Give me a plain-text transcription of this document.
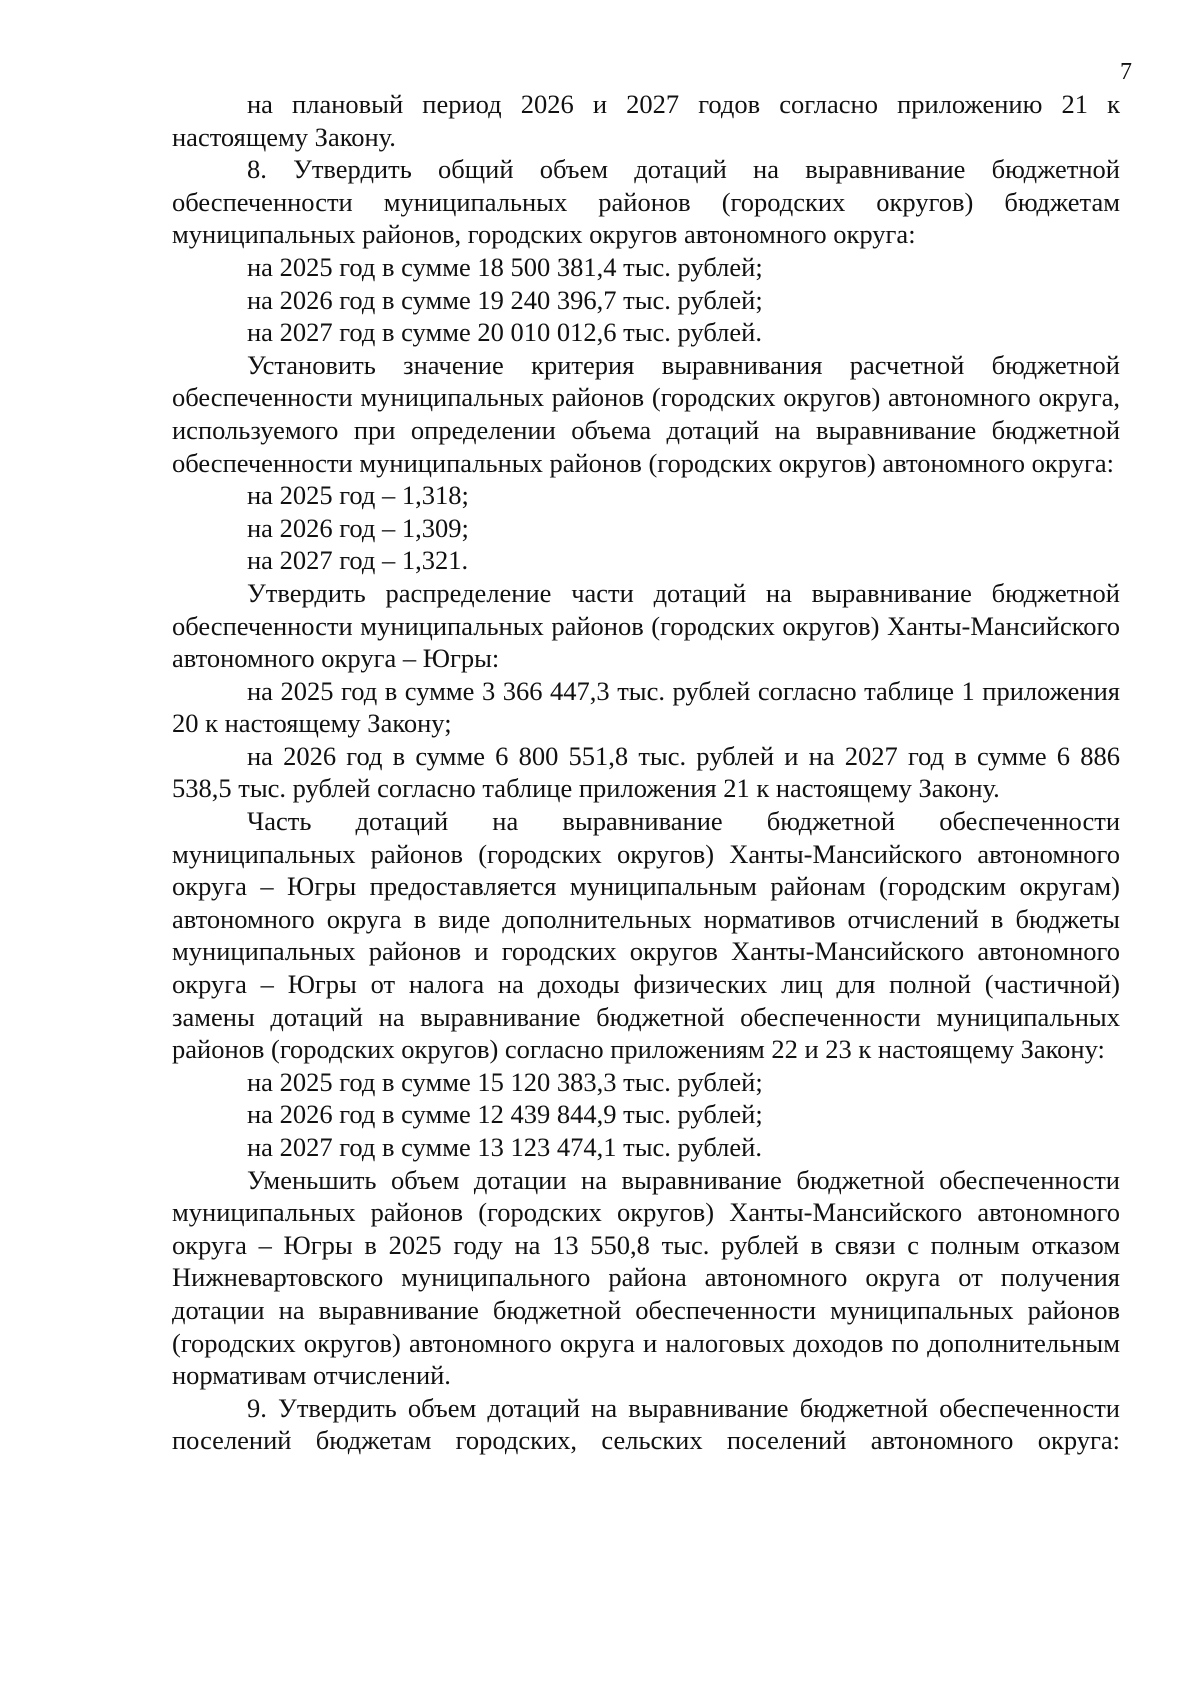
7

на плановый период 2026 и 2027 годов согласно приложению 21 к настоящему Закону.

8. Утвердить общий объем дотаций на выравнивание бюджетной обеспеченности муниципальных районов (городских округов) бюджетам муниципальных районов, городских округов автономного округа:

на 2025 год в сумме 18 500 381,4 тыс. рублей;

на 2026 год в сумме 19 240 396,7 тыс. рублей;

на 2027 год в сумме 20 010 012,6 тыс. рублей.

Установить значение критерия выравнивания расчетной бюджетной обеспеченности муниципальных районов (городских округов) автономного округа, используемого при определении объема дотаций на выравнивание бюджетной обеспеченности муниципальных районов (городских округов) автономного округа:

на 2025 год – 1,318;

на 2026 год – 1,309;

на 2027 год – 1,321.

Утвердить распределение части дотаций на выравнивание бюджетной обеспеченности муниципальных районов (городских округов) Ханты-Мансийского автономного округа – Югры:

на 2025 год в сумме 3 366 447,3 тыс. рублей согласно таблице 1 приложения 20 к настоящему Закону;

на 2026 год в сумме 6 800 551,8 тыс. рублей и на 2027 год в сумме 6 886 538,5 тыс. рублей согласно таблице приложения 21 к настоящему Закону.

Часть дотаций на выравнивание бюджетной обеспеченности муниципальных районов (городских округов) Ханты-Мансийского автономного округа – Югры предоставляется муниципальным районам (городским округам) автономного округа в виде дополнительных нормативов отчислений в бюджеты муниципальных районов и городских округов Ханты-Мансийского автономного округа – Югры от налога на доходы физических лиц для полной (частичной) замены дотаций на выравнивание бюджетной обеспеченности муниципальных районов (городских округов) согласно приложениям 22 и 23 к настоящему Закону:

на 2025 год в сумме 15 120 383,3 тыс. рублей;

на 2026 год в сумме 12 439 844,9 тыс. рублей;

на 2027 год в сумме 13 123 474,1 тыс. рублей.

Уменьшить объем дотации на выравнивание бюджетной обеспеченности муниципальных районов (городских округов) Ханты-Мансийского автономного округа – Югры в 2025 году на 13 550,8 тыс. рублей в связи с полным отказом Нижневартовского муниципального района автономного округа от получения дотации на выравнивание бюджетной обеспеченности муниципальных районов (городских округов) автономного округа и налоговых доходов по дополнительным нормативам отчислений.

9. Утвердить объем дотаций на выравнивание бюджетной обеспеченности поселений бюджетам городских, сельских поселений автономного округа:
